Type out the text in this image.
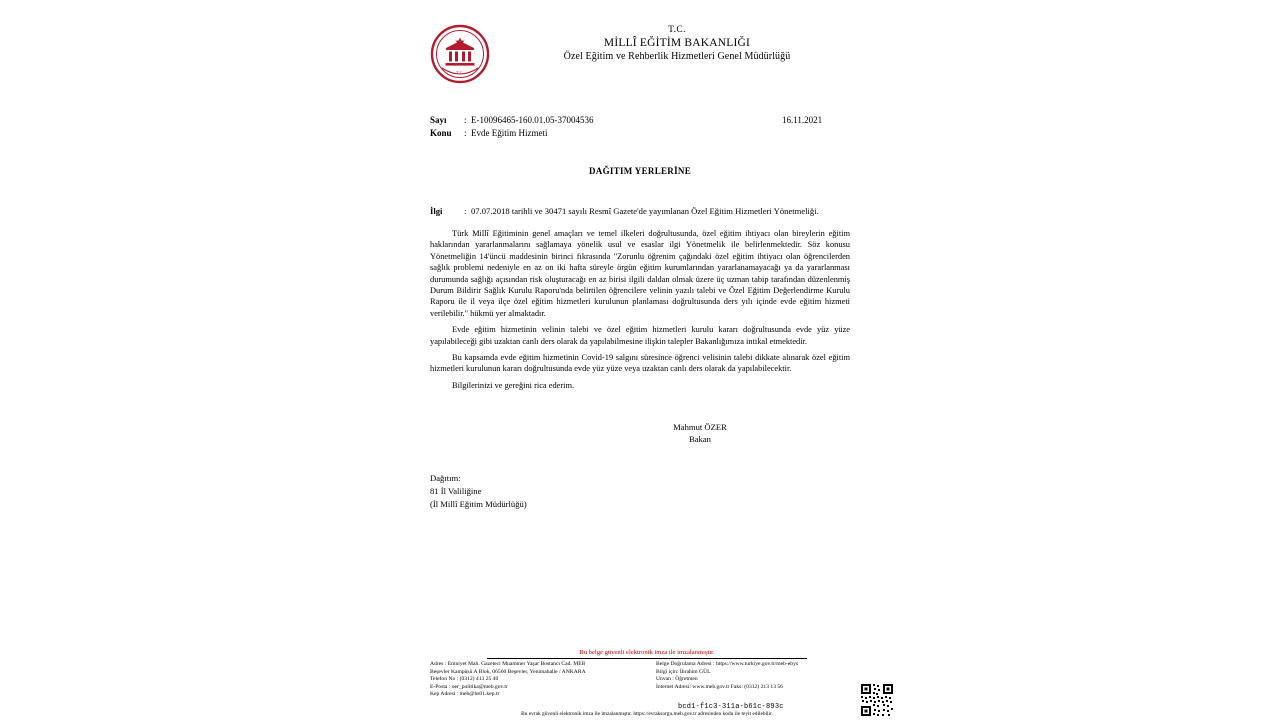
T.C.
T.C.
MİLLÎ EĞİTİM BAKANLIĞI
Özel Eğitim ve Rehberlik Hizmetleri Genel Müdürlüğü
Sayı : E-10096465-160.01.05-37004536	16.11.2021
Konu : Evde Eğitim Hizmeti
DAĞITIM YERLERİNE
İlgi	: 07.07.2018 tarihli ve 30471 sayılı Resmî Gazete'de yayımlanan Özel Eğitim Hizmetleri Yönetmeliği.

Türk Millî Eğitiminin genel amaçları ve temel ilkeleri doğrultusunda, özel eğitim ihtiyacı olan bireylerin eğitim haklarından yararlanmalarını sağlamaya yönelik usul ve esaslar ilgi Yönetmelik ile belirlenmektedir. Söz konusu Yönetmeliğin 14'üncü maddesinin birinci fıkrasında "Zorunlu öğrenim çağındaki özel eğitim ihtiyacı olan öğrencilerden sağlık problemi nedeniyle en az on iki hafta süreyle örgün eğitim kurumlarından yararlanamayacağı ya da yararlanması durumunda sağlığı açısından risk oluşturacağı en az birisi ilgili daldan olmak üzere üç uzman tabip tarafından düzenlenmiş Durum Bildirir Sağlık Kurulu Raporu'nda belirtilen öğrencilere velinin yazılı talebi ve Özel Eğitim Değerlendirme Kurulu Raporu ile il veya ilçe özel eğitim hizmetleri kurulunun planlaması doğrultusunda ders yılı içinde evde eğitim hizmeti verilebilir." hükmü yer almaktadır.

Evde eğitim hizmetinin velinin talebi ve özel eğitim hizmetleri kurulu kararı doğrultusunda evde yüz yüze yapılabileceği gibi uzaktan canlı ders olarak da yapılabilmesine ilişkin talepler Bakanlığımıza intikal etmektedir.

Bu kapsamda evde eğitim hizmetinin Covid-19 salgını süresince öğrenci velisinin talebi dikkate alınarak özel eğitim hizmetleri kurulunun kararı doğrultusunda evde yüz yüze veya uzaktan canlı ders olarak da yapılabilecektir.

Bilgilerinizi ve gereğini rica ederim.

Mahmut ÖZER
Bakan
Dağıtım:
81 İl Valiliğine
(İl Millî Eğitim Müdürlüğü)
Bu belge güvenli elektronik imza ile imzalanmıştır.
Adres : Emniyet Mah. Gazeteci Muammer Yaşar Bostancı Cad. MEB
Beşevler Kampüsü A Blok, 06560 Beşevler, Yenimahalle / ANKARA
Telefon No : (0312) 413 25 40
E-Posta : oer_politika@meb.gov.tr
Kep Adresi : meb@hs01.kep.tr
Belge Doğrulama Adresi : https://www.turkiye.gov.tr/meb-ebys
Bilgi için: İbrahim GÜL
Unvan : Öğretmen
İnternet Adresi: www.meb.gov.tr Faks: (0312) 213 13 56
bcd1-f1c3-311a-b61c-893c
Bu evrak güvenli elektronik imza ile imzalanmıştır. https://evraksorgu.meb.gov.tr adresinden kodu ile teyit edilebilir.
